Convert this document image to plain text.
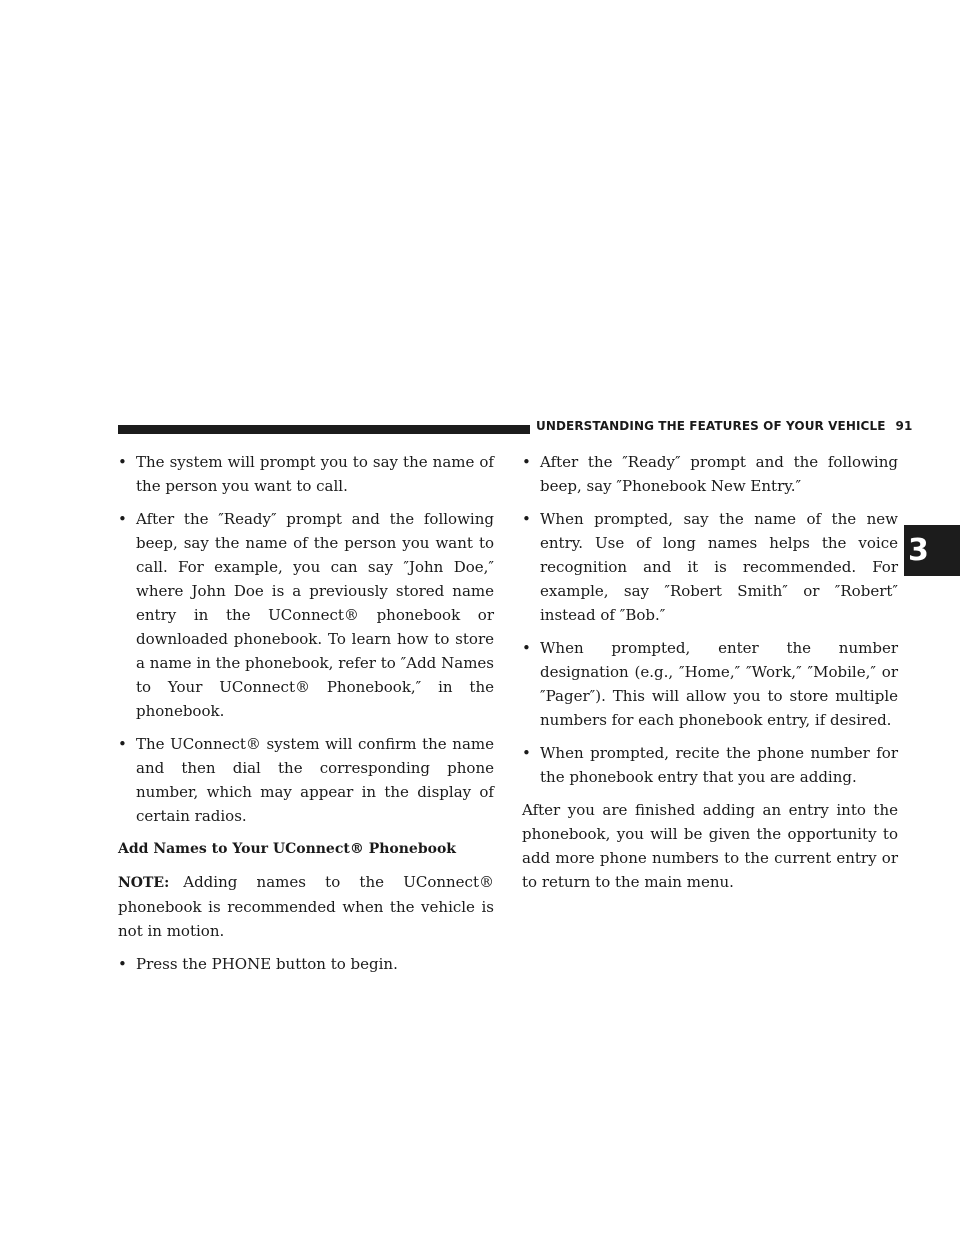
UNDERSTANDING THE FEATURES OF YOUR VEHICLE 91
3
• The system will prompt you to say the name of the person you want to call.
• After the ″Ready″ prompt and the following beep, say the name of the person you want to call. For example, you can say ″John Doe,″ where John Doe is a previously stored name entry in the UConnect® phonebook or downloaded phonebook. To learn how to store a name in the phonebook, refer to ″Add Names to Your UConnect® Phonebook,″ in the phonebook.
• The UConnect® system will confirm the name and then dial the corresponding phone number, which may appear in the display of certain radios.
Add Names to Your UConnect® Phonebook
NOTE: Adding names to the UConnect® phonebook is recommended when the vehicle is not in motion.
• Press the PHONE button to begin.
• After the ″Ready″ prompt and the following beep, say ″Phonebook New Entry.″
• When prompted, say the name of the new entry. Use of long names helps the voice recognition and it is recommended. For example, say ″Robert Smith″ or ″Robert″ instead of ″Bob.″
• When prompted, enter the number designation (e.g., ″Home,″ ″Work,″ ″Mobile,″ or ″Pager″). This will allow you to store multiple numbers for each phonebook entry, if desired.
• When prompted, recite the phone number for the phonebook entry that you are adding.
After you are finished adding an entry into the phonebook, you will be given the opportunity to add more phone numbers to the current entry or to return to the main menu.
